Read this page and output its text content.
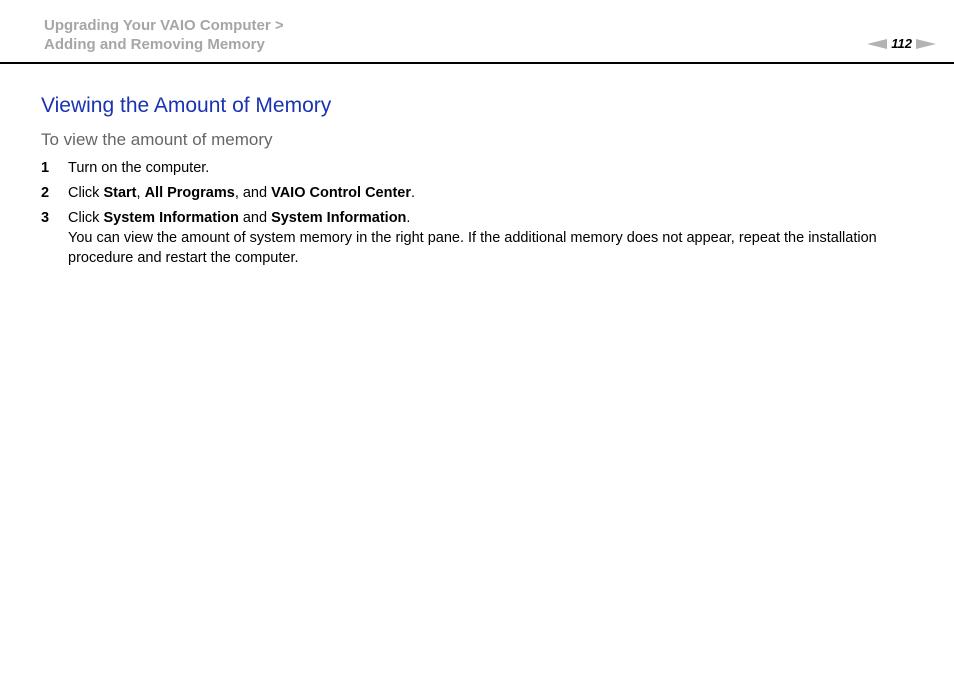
Upgrading Your VAIO Computer >
Adding and Removing Memory	112
Viewing the Amount of Memory
To view the amount of memory
1	Turn on the computer.
2	Click Start, All Programs, and VAIO Control Center.
3	Click System Information and System Information.
You can view the amount of system memory in the right pane. If the additional memory does not appear, repeat the installation procedure and restart the computer.
